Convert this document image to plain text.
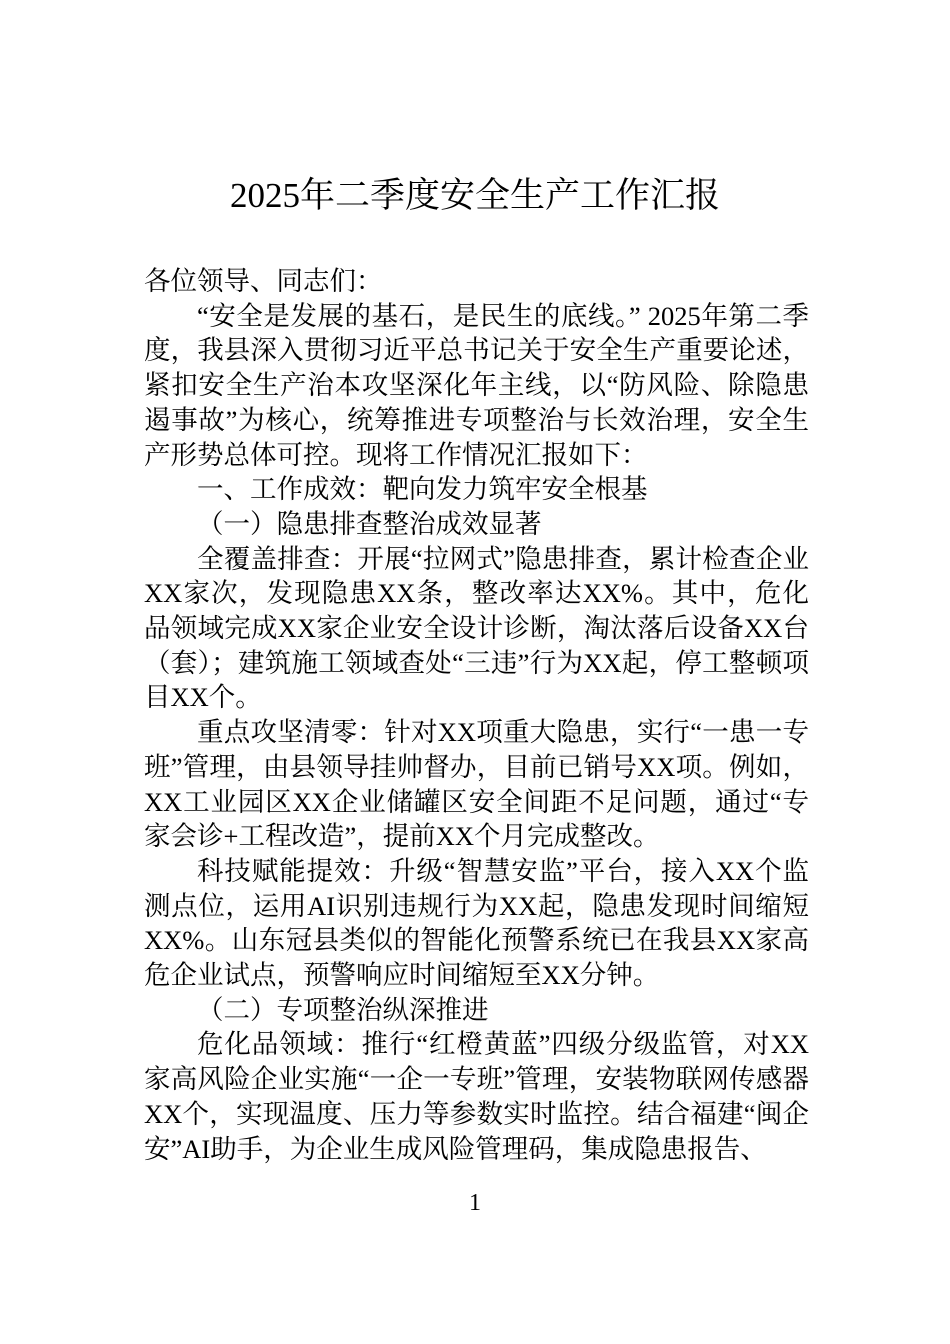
2025年二季度安全生产工作汇报

各位领导、同志们：

“安全是发展的基石，是民生的底线。” 2025年第二季度，我县深入贯彻习近平总书记关于安全生产重要论述，紧扣安全生产治本攻坚深化年主线，以“防风险、除隐患遏事故”为核心，统筹推进专项整治与长效治理，安全生产形势总体可控。现将工作情况汇报如下：

一、工作成效：靶向发力筑牢安全根基

（一）隐患排查整治成效显著

全覆盖排查：开展“拉网式”隐患排查，累计检查企业XX家次，发现隐患XX条，整改率达XX%。其中，危化品领域完成XX家企业安全设计诊断，淘汰落后设备XX台（套）；建筑施工领域查处“三违”行为XX起，停工整顿项目XX个。

重点攻坚清零：针对XX项重大隐患，实行“一患一专班”管理，由县领导挂帅督办，目前已销号XX项。例如，XX工业园区XX企业储罐区安全间距不足问题，通过“专家会诊+工程改造”，提前XX个月完成整改。

科技赋能提效：升级“智慧安监”平台，接入XX个监测点位，运用AI识别违规行为XX起，隐患发现时间缩短XX%。山东冠县类似的智能化预警系统已在我县XX家高危企业试点，预警响应时间缩短至XX分钟。

（二）专项整治纵深推进

危化品领域：推行“红橙黄蓝”四级分级监管，对XX家高风险企业实施“一企一专班”管理，安装物联网传感器XX个，实现温度、压力等参数实时监控。结合福建“闽企安”AI助手，为企业生成风险管理码，集成隐患报告、

1
